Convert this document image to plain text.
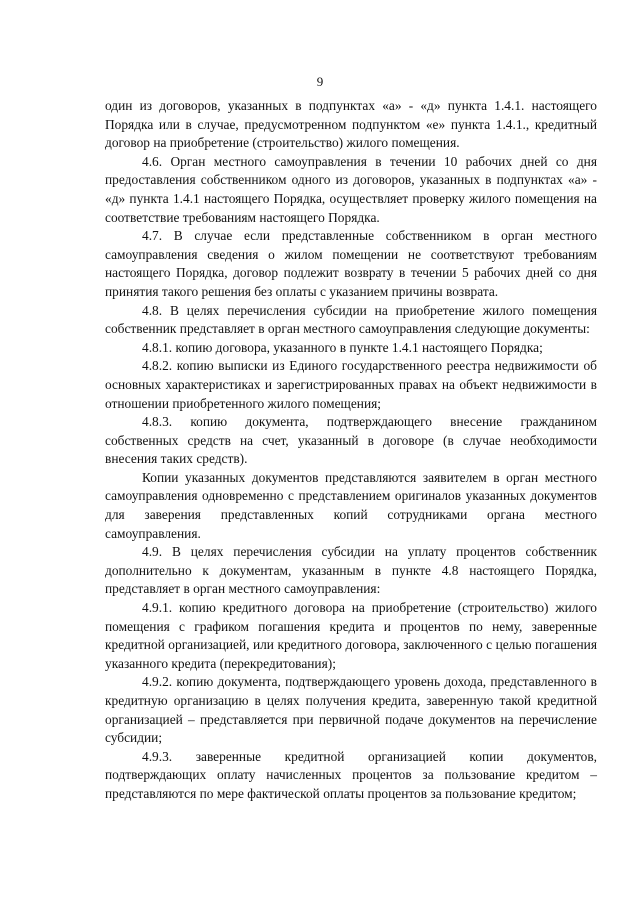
9

один из договоров, указанных в подпунктах «а» - «д» пункта 1.4.1. настоящего Порядка или в случае, предусмотренном подпунктом «е» пункта 1.4.1., кредитный договор на приобретение (строительство) жилого помещения.

4.6. Орган местного самоуправления в течении 10 рабочих дней со дня предоставления собственником одного из договоров, указанных в подпунктах «а» - «д» пункта 1.4.1 настоящего Порядка, осуществляет проверку жилого помещения на соответствие требованиям настоящего Порядка.

4.7. В случае если представленные собственником в орган местного самоуправления сведения о жилом помещении не соответствуют требованиям настоящего Порядка, договор подлежит возврату в течении 5 рабочих дней со дня принятия такого решения без оплаты с указанием причины возврата.

4.8. В целях перечисления субсидии на приобретение жилого помещения собственник представляет в орган местного самоуправления следующие документы:

4.8.1. копию договора, указанного в пункте 1.4.1 настоящего Порядка;

4.8.2. копию выписки из Единого государственного реестра недвижимости об основных характеристиках и зарегистрированных правах на объект недвижимости в отношении приобретенного жилого помещения;

4.8.3. копию документа, подтверждающего внесение гражданином собственных средств на счет, указанный в договоре (в случае необходимости внесения таких средств).

Копии указанных документов представляются заявителем в орган местного самоуправления одновременно с представлением оригиналов указанных документов для заверения представленных копий сотрудниками органа местного самоуправления.

4.9. В целях перечисления субсидии на уплату процентов собственник дополнительно к документам, указанным в пункте 4.8 настоящего Порядка, представляет в орган местного самоуправления:

4.9.1. копию кредитного договора на приобретение (строительство) жилого помещения с графиком погашения кредита и процентов по нему, заверенные кредитной организацией, или кредитного договора, заключенного с целью погашения указанного кредита (перекредитования);

4.9.2. копию документа, подтверждающего уровень дохода, представленного в кредитную организацию в целях получения кредита, заверенную такой кредитной организацией – представляется при первичной подаче документов на перечисление субсидии;

4.9.3. заверенные кредитной организацией копии документов, подтверждающих оплату начисленных процентов за пользование кредитом – представляются по мере фактической оплаты процентов за пользование кредитом;
